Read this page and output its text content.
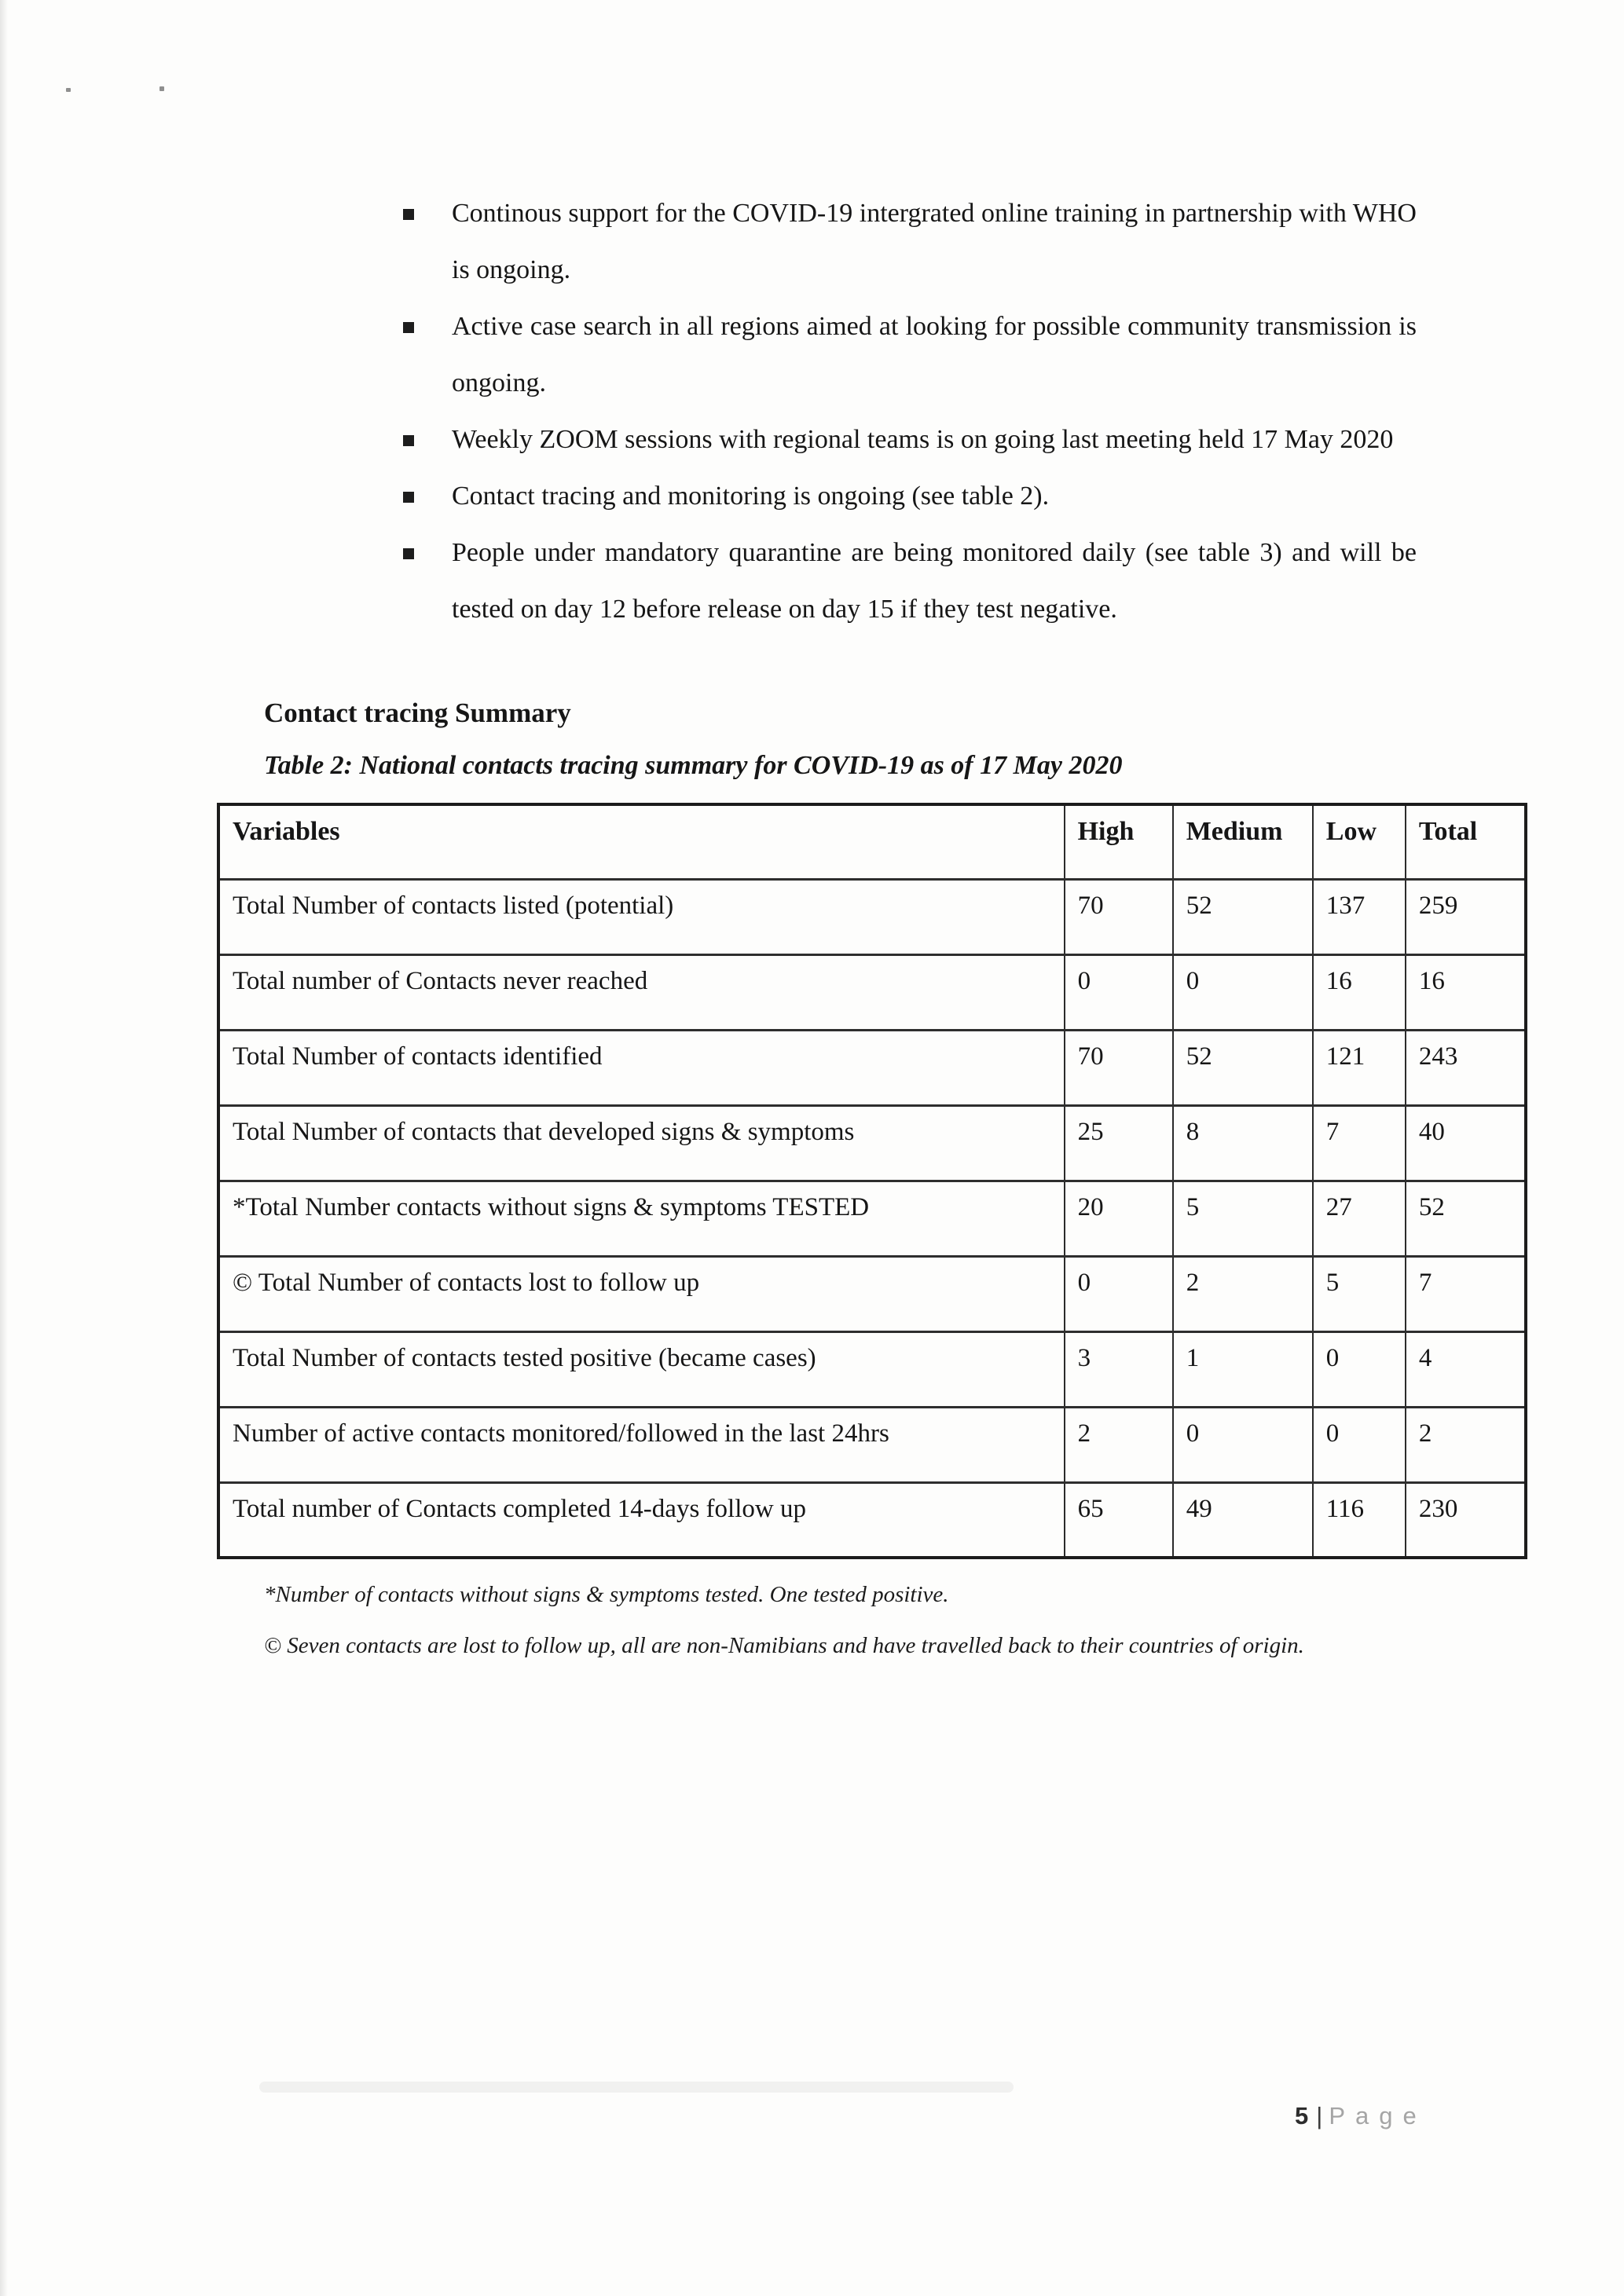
Continous support for the COVID-19 intergrated online training in partnership with WHO is ongoing.
Active case search in all regions aimed at looking for possible community transmission is ongoing.
Weekly ZOOM sessions with regional teams is on going last meeting held 17 May 2020
Contact tracing and monitoring is ongoing (see table 2).
People under mandatory quarantine are being monitored daily (see table 3) and will be tested on day 12 before release on day 15 if they test negative.
Contact tracing Summary
Table 2: National contacts tracing summary for COVID-19 as of 17 May 2020
Variables	High	Medium	Low	Total
Total Number of contacts listed (potential)	70	52	137	259
Total number of Contacts never reached	0	0	16	16
Total Number of contacts identified	70	52	121	243
Total Number of contacts that developed signs & symptoms	25	8	7	40
*Total Number contacts without signs & symptoms TESTED	20	5	27	52
© Total Number of contacts lost to follow up	0	2	5	7
Total Number of contacts tested positive (became cases)	3	1	0	4
Number of active contacts monitored/followed in the last 24hrs	2	0	0	2
Total number of Contacts completed 14-days follow up	65	49	116	230

*Number of contacts without signs & symptoms tested. One tested positive.

© Seven contacts are lost to follow up, all are non-Namibians and have travelled back to their countries of origin.

5 | Page
